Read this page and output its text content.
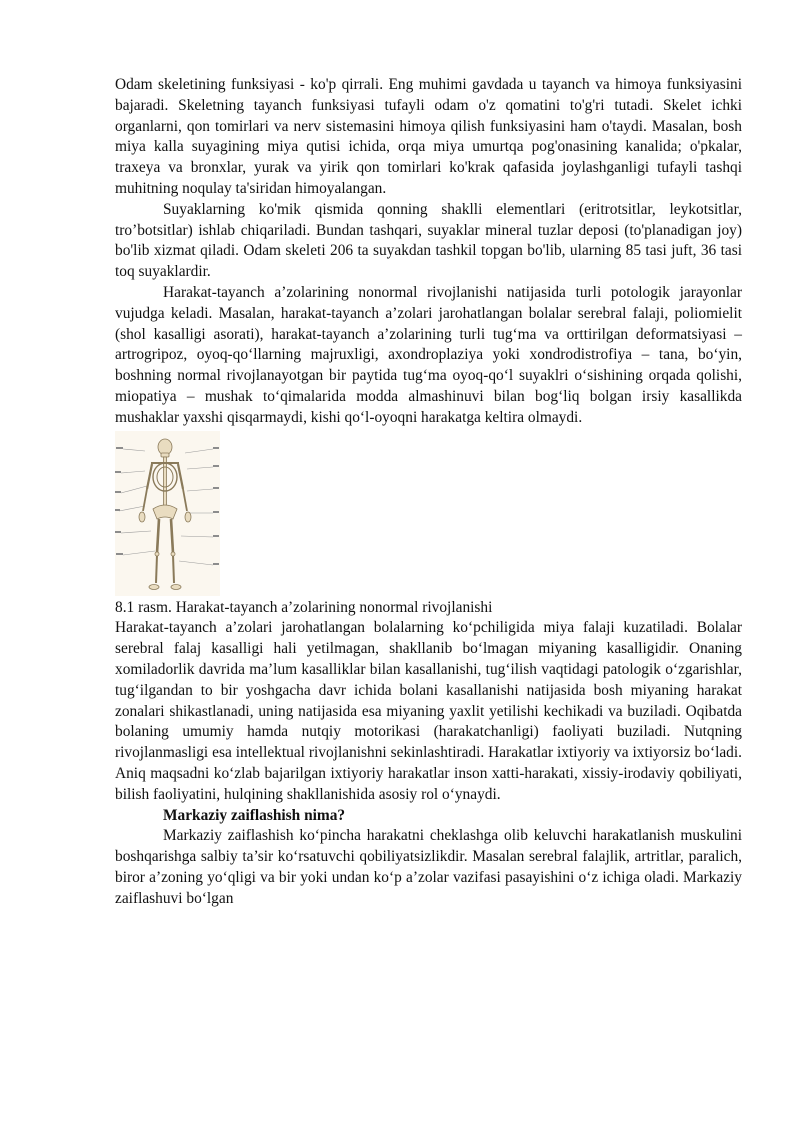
Odam skeletining funksiyasi - ko'p qirrali. Eng muhimi gavdada u tayanch va himoya funksiyasini bajaradi. Skeletning tayanch funksiyasi tufayli odam o'z qomatini to'g'ri tutadi. Skelet ichki organlarni, qon tomirlari va nerv sistemasini himoya qilish funksiyasini ham o'taydi. Masalan, bosh miya kalla suyagining miya qutisi ichida, orqa miya umurtqa pog'onasining kanalida; o'pkalar, traxeya va bronxlar, yurak va yirik qon tomirlari ko'krak qafasida joylashganligi tufayli tashqi muhitning noqulay ta'siridan himoyalangan.

Suyaklarning ko'mik qismida qonning shaklli elementlari (eritrotsitlar, leykotsitlar, tro’botsitlar) ishlab chiqariladi. Bundan tashqari, suyaklar mineral tuzlar deposi (to'planadigan joy) bo'lib xizmat qiladi. Odam skeleti 206 ta suyakdan tashkil topgan bo'lib, ularning 85 tasi juft, 36 tasi toq suyaklardir.

Harakat-tayanch a’zolarining nonormal rivojlanishi natijasida turli potologik jarayonlar vujudga keladi. Masalan, harakat-tayanch a’zolari jarohatlangan bolalar serebral falaji, poliomielit (shol kasalligi asorati), harakat-tayanch a’zolarining turli tug‘ma va orttirilgan deformatsiyasi – artrogripoz, oyoq-qo‘llarning majruxligi, axondroplaziya yoki xondrodistrofiya – tana, bo‘yin, boshning normal rivojlanayotgan bir paytida tug‘ma oyoq-qo‘l suyaklri o‘sishining orqada qolishi, miopatiya – mushak to‘qimalarida modda almashinuvi bilan bog‘liq bolgan irsiy kasallikda mushaklar yaxshi qisqarmaydi, kishi qo‘l-oyoqni harakatga keltira olmaydi.

8.1 rasm. Harakat-tayanch a’zolarining nonormal rivojlanishi

Harakat-tayanch a’zolari jarohatlangan bolalarning ko‘pchiligida miya falaji kuzatiladi. Bolalar serebral falaj kasalligi hali yetilmagan, shakllanib bo‘lmagan miyaning kasalligidir. Onaning xomiladorlik davrida ma’lum kasalliklar bilan kasallanishi, tug‘ilish vaqtidagi patologik o‘zgarishlar, tug‘ilgandan to bir yoshgacha davr ichida bolani kasallanishi natijasida bosh miyaning harakat zonalari shikastlanadi, uning natijasida esa miyaning yaxlit yetilishi kechikadi va buziladi. Oqibatda bolaning umumiy hamda nutqiy motorikasi (harakatchanligi) faoliyati buziladi. Nutqning rivojlanmasligi esa intellektual rivojlanishni sekinlashtiradi. Harakatlar ixtiyoriy va ixtiyorsiz bo‘ladi. Aniq maqsadni ko‘zlab bajarilgan ixtiyoriy harakatlar inson xatti-harakati, xissiy-irodaviy qobiliyati, bilish faoliyatini, hulqining shakllanishida asosiy rol o‘ynaydi.

Markaziy zaiflashish nima?

Markaziy zaiflashish ko‘pincha harakatni cheklashga olib keluvchi harakatlanish muskulini boshqarishga salbiy ta’sir ko‘rsatuvchi qobiliyatsizlikdir. Masalan serebral falajlik, artritlar, paralich, biror a’zoning yo‘qligi va bir yoki undan ko‘p a’zolar vazifasi pasayishini o‘z ichiga oladi. Markaziy zaiflashuvi bo‘lgan
